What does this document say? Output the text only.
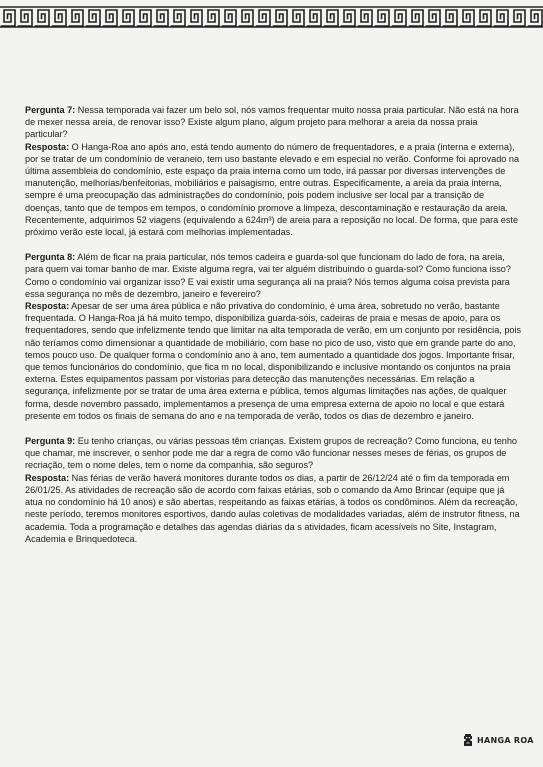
Pergunta 7: Nessa temporada vai fazer um belo sol, nós vamos frequentar muito nossa praia particular. Não está na hora de mexer nessa areia, de renovar isso? Existe algum plano, algum projeto para melhorar a areia da nossa praia particular?

Resposta: O Hanga-Roa ano após ano, está tendo aumento do número de frequentadores, e a praia (interna e externa), por se tratar de um condomínio de veraneio, tem uso bastante elevado e em especial no verão. Conforme foi aprovado na última assembleia do condomínio, este espaço da praia interna como um todo, irá passar por diversas intervenções de manutenção, melhorias/benfeitorias, mobiliários e paisagismo, entre outras. Especificamente, a areia da praia interna, sempre é uma preocupação das administrações do condomínio, pois podem inclusive ser local par a transição de doenças, tanto que de tempos em tempos, o condomínio promove a limpeza, descontaminação e restauração da areia. Recentemente, adquirimos 52 viagens (equivalendo a 624m³) de areia para a reposição no local. De forma, que para este próximo verão este local, já estará com melhorias implementadas.

Pergunta 8: Além de ficar na praia particular, nós temos cadeira e guarda-sol que funcionam do lado de fora, na areia, para quem vai tomar banho de mar. Existe alguma regra, vai ter alguém distribuindo o guarda-sol? Como funciona isso? Como o condomínio vai organizar isso? E vai existir uma segurança ali na praia? Nós temos alguma coisa prevista para essa segurança no mês de dezembro, janeiro e fevereiro?

Resposta: Apesar de ser uma área pública e não privativa do condomínio, é uma área, sobretudo no verão, bastante frequentada. O Hanga-Roa já há muito tempo, disponibiliza guarda-sóis, cadeiras de praia e mesas de apoio, para os frequentadores, sendo que infelizmente tendo que limitar na alta temporada de verão, em um conjunto por residência, pois não teríamos como dimensionar a quantidade de mobiliário, com base no pico de uso, visto que em grande parte do ano, temos pouco uso. De qualquer forma o condomínio ano à ano, tem aumentado a quantidade dos jogos. Importante frisar, que temos funcionários do condomínio, que fica m no local, disponibilizando e inclusive montando os conjuntos na praia externa. Estes equipamentos passam por vistorias para detecção das manutenções necessárias. Em relação a segurança, infelizmente por se tratar de uma área externa e pública, temos algumas limitações nas ações, de qualquer forma, desde novembro passado, implementamos a presença de uma empresa externa de apoio no local e que estará presente em todos os finais de semana do ano e na temporada de verão, todos os dias de dezembro e janeiro.

Pergunta 9: Eu tenho crianças, ou várias pessoas têm crianças. Existem grupos de recreação? Como funciona, eu tenho que chamar, me inscrever, o senhor pode me dar a regra de como vão funcionar nesses meses de férias, os grupos de recriação, tem o nome deles, tem o nome da companhia, são seguros?

Resposta: Nas férias de verão haverá monitores durante todos os dias, a partir de 26/12/24 até o fim da temporada em 26/01/25. As atividades de recreação são de acordo com faixas etárias, sob o comando da Amo Brincar (equipe que já atua no condomínio há 10 anos) e são abertas, respeitando as faixas etárias, à todos os condôminos. Além da recreação, neste período, teremos monitores esportivos, dando aulas coletivas de modalidades variadas, além de instrutor fitness, na academia. Toda a programação e detalhes das agendas diárias da s atividades, ficam acessíveis no Site, Instagram, Academia e Brinquedoteca.

HANGA ROA
